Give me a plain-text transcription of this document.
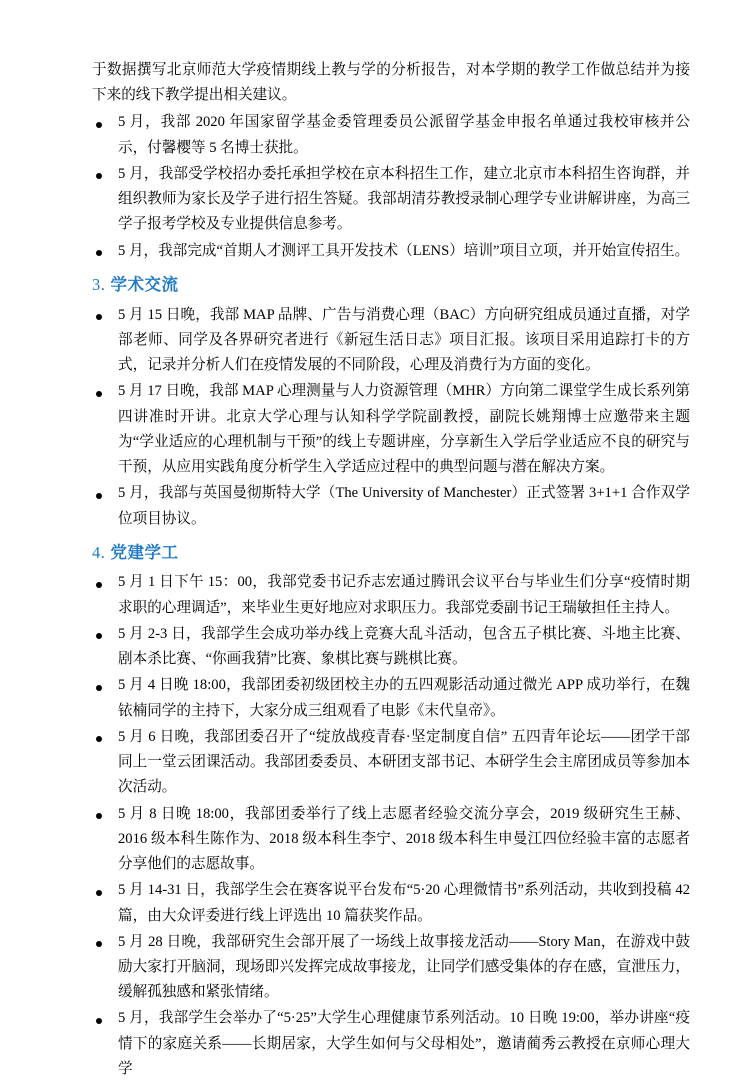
于数据撰写北京师范大学疫情期线上教与学的分析报告，对本学期的教学工作做总结并为接下来的线下教学提出相关建议。

5 月，我部 2020 年国家留学基金委管理委员公派留学基金申报名单通过我校审核并公示，付馨樱等 5 名博士获批。
5 月，我部受学校招办委托承担学校在京本科招生工作，建立北京市本科招生咨询群，并组织教师为家长及学子进行招生答疑。我部胡清芬教授录制心理学专业讲解讲座，为高三学子报考学校及专业提供信息参考。
5 月，我部完成“首期人才测评工具开发技术（LENS）培训”项目立项，并开始宣传招生。
3. 学术交流
5 月 15 日晚，我部 MAP 品牌、广告与消费心理（BAC）方向研究组成员通过直播，对学部老师、同学及各界研究者进行《新冠生活日志》项目汇报。该项目采用追踪打卡的方式，记录并分析人们在疫情发展的不同阶段，心理及消费行为方面的变化。
5 月 17 日晚，我部 MAP 心理测量与人力资源管理（MHR）方向第二课堂学生成长系列第四讲准时开讲。北京大学心理与认知科学学院副教授，副院长姚翔博士应邀带来主题为“学业适应的心理机制与干预”的线上专题讲座，分享新生入学后学业适应不良的研究与干预，从应用实践角度分析学生入学适应过程中的典型问题与潜在解决方案。
5 月，我部与英国曼彻斯特大学（The University of Manchester）正式签署 3+1+1 合作双学位项目协议。
4. 党建学工
5 月 1 日下午 15：00，我部党委书记乔志宏通过腾讯会议平台与毕业生们分享“疫情时期求职的心理调适”，来毕业生更好地应对求职压力。我部党委副书记王瑞敏担任主持人。
5 月 2-3 日，我部学生会成功举办线上竞赛大乱斗活动，包含五子棋比赛、斗地主比赛、剧本杀比赛、“你画我猜”比赛、象棋比赛与跳棋比赛。
5 月 4 日晚 18:00，我部团委初级团校主办的五四观影活动通过微光 APP 成功举行，在魏铱楠同学的主持下，大家分成三组观看了电影《末代皇帝》。
5 月 6 日晚，我部团委召开了“绽放战疫青春·坚定制度自信” 五四青年论坛——团学干部同上一堂云团课活动。我部团委委员、本研团支部书记、本研学生会主席团成员等参加本次活动。
5 月 8 日晚 18:00，我部团委举行了线上志愿者经验交流分享会，2019 级研究生王赫、2016 级本科生陈作为、2018 级本科生李宁、2018 级本科生申曼江四位经验丰富的志愿者分享他们的志愿故事。
5 月 14-31 日，我部学生会在赛客说平台发布“5·20 心理微情书”系列活动，共收到投稿 42 篇，由大众评委进行线上评选出 10 篇获奖作品。
5 月 28 日晚，我部研究生会部开展了一场线上故事接龙活动——Story Man，在游戏中鼓励大家打开脑洞，现场即兴发挥完成故事接龙，让同学们感受集体的存在感，宣泄压力，缓解孤独感和紧张情绪。
5 月，我部学生会举办了“5·25”大学生心理健康节系列活动。10 日晚 19:00，举办讲座“疫情下的家庭关系——长期居家，大学生如何与父母相处”，邀请蔺秀云教授在京师心理大学
